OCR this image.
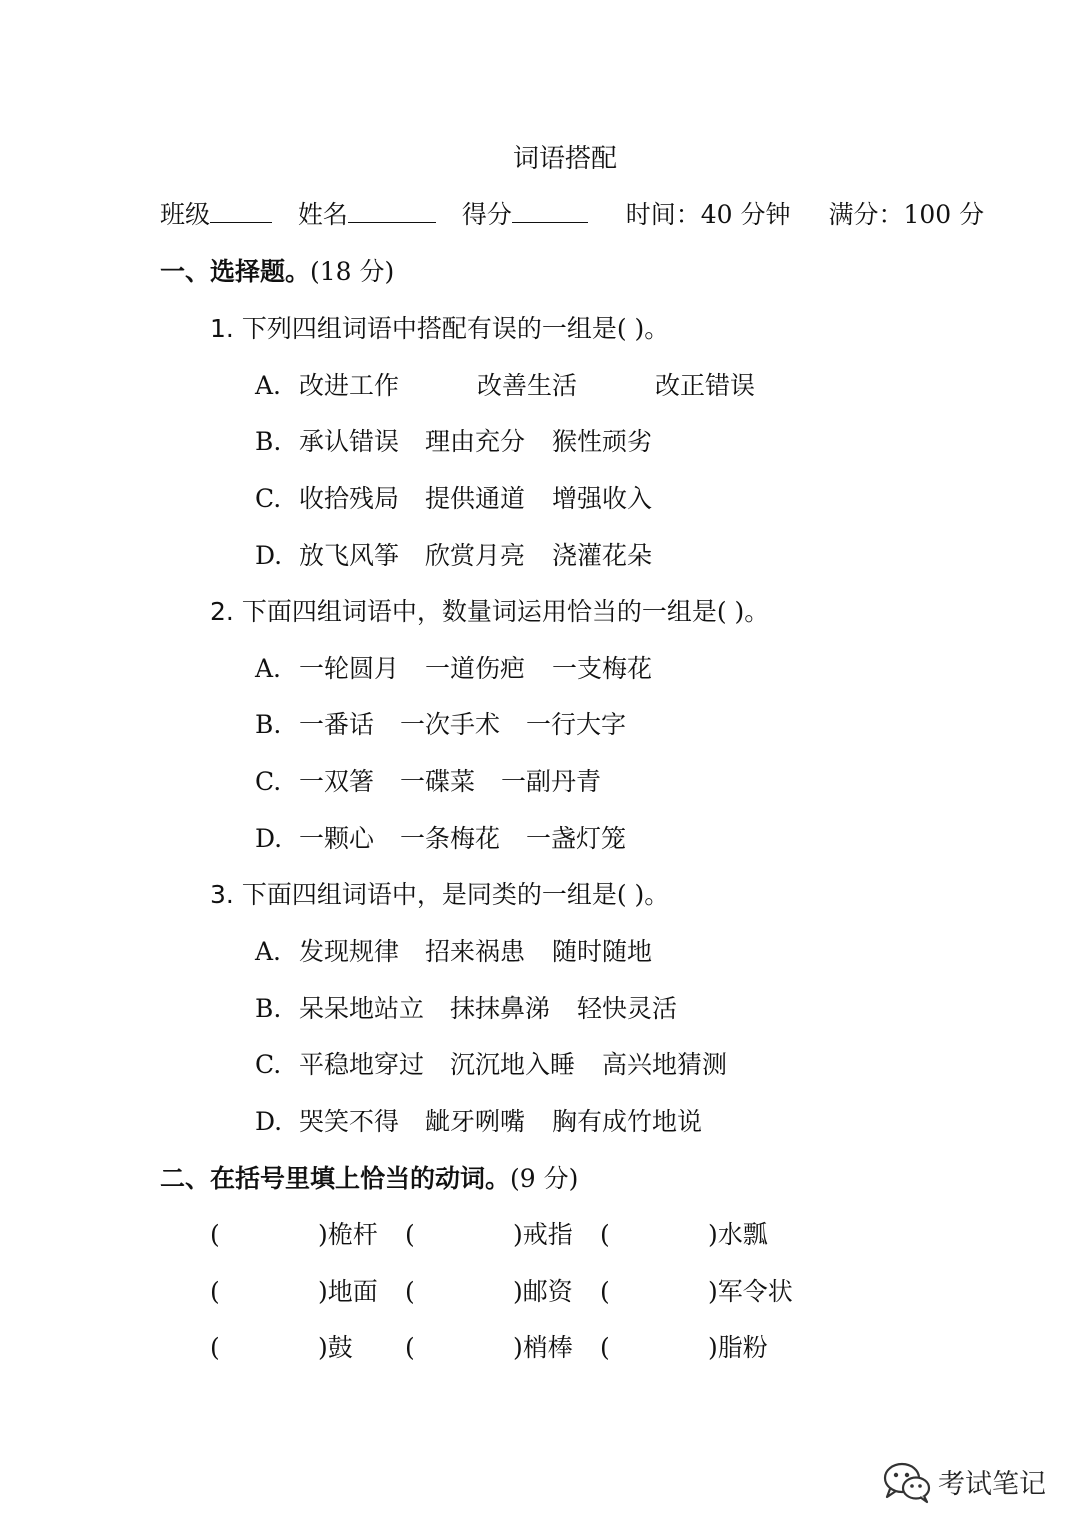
词语搭配
班级	姓名	得分	时间：40 分钟 满分：100 分
一、选择题。(18 分)
1. 下列四组词语中搭配有误的一组是( )。
A. 改进工作	改善生活	改正错误
B. 承认错误 理由充分 猴性顽劣
C. 收拾残局 提供通道 增强收入
D. 放飞风筝 欣赏月亮 浇灌花朵
2. 下面四组词语中，数量词运用恰当的一组是( )。
A. 一轮圆月 一道伤疤 一支梅花
B. 一番话 一次手术 一行大字
C. 一双箸 一碟菜 一副丹青
D. 一颗心 一条梅花 一盏灯笼
3. 下面四组词语中，是同类的一组是( )。
A. 发现规律 招来祸患 随时随地
B. 呆呆地站立 抹抹鼻涕 轻快灵活
C. 平稳地穿过 沉沉地入睡 高兴地猜测
D. 哭笑不得 龇牙咧嘴 胸有成竹地说
二、在括号里填上恰当的动词。(9 分)
(	)桅杆 (	)戒指 (	)水瓢
(	)地面 (	)邮资 (	)军令状
(	)鼓 (	)梢棒 (	)脂粉
考试笔记
